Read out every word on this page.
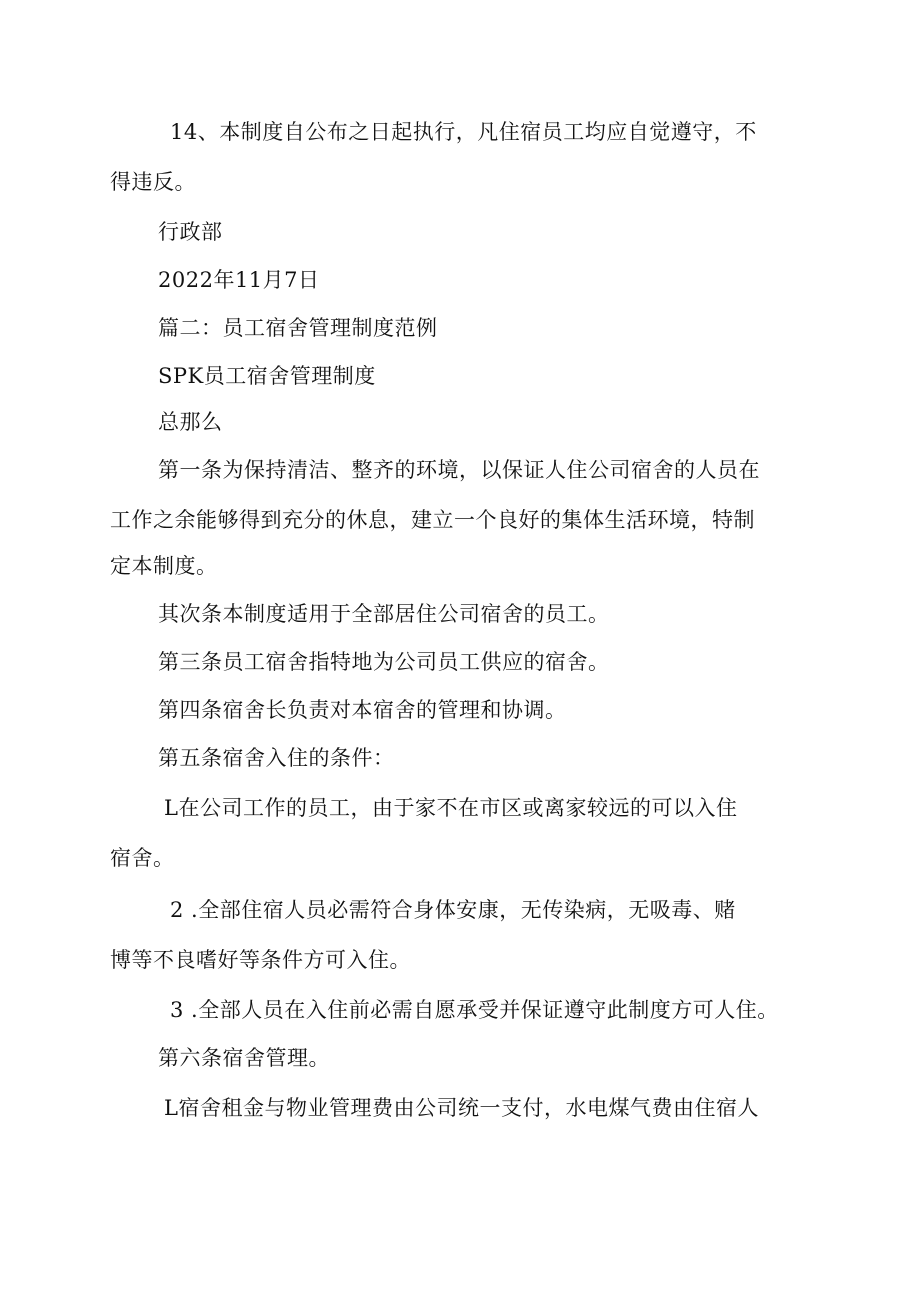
14、本制度自公布之日起执行，凡住宿员工均应自觉遵守，不
得违反。
行政部
2022年11月7日
篇二：员工宿舍管理制度范例
SPK员工宿舍管理制度
总那么
第一条为保持清洁、整齐的环境，以保证人住公司宿舍的人员在
工作之余能够得到充分的休息，建立一个良好的集体生活环境，特制
定本制度。
其次条本制度适用于全部居住公司宿舍的员工。
第三条员工宿舍指特地为公司员工供应的宿舍。
第四条宿舍长负责对本宿舍的管理和协调。
第五条宿舍入住的条件：
L在公司工作的员工，由于家不在市区或离家较远的可以入住
宿舍。
2 .全部住宿人员必需符合身体安康，无传染病，无吸毒、赌
博等不良嗜好等条件方可入住。
3 .全部人员在入住前必需自愿承受并保证遵守此制度方可人住。
第六条宿舍管理。
L宿舍租金与物业管理费由公司统一支付，水电煤气费由住宿人
